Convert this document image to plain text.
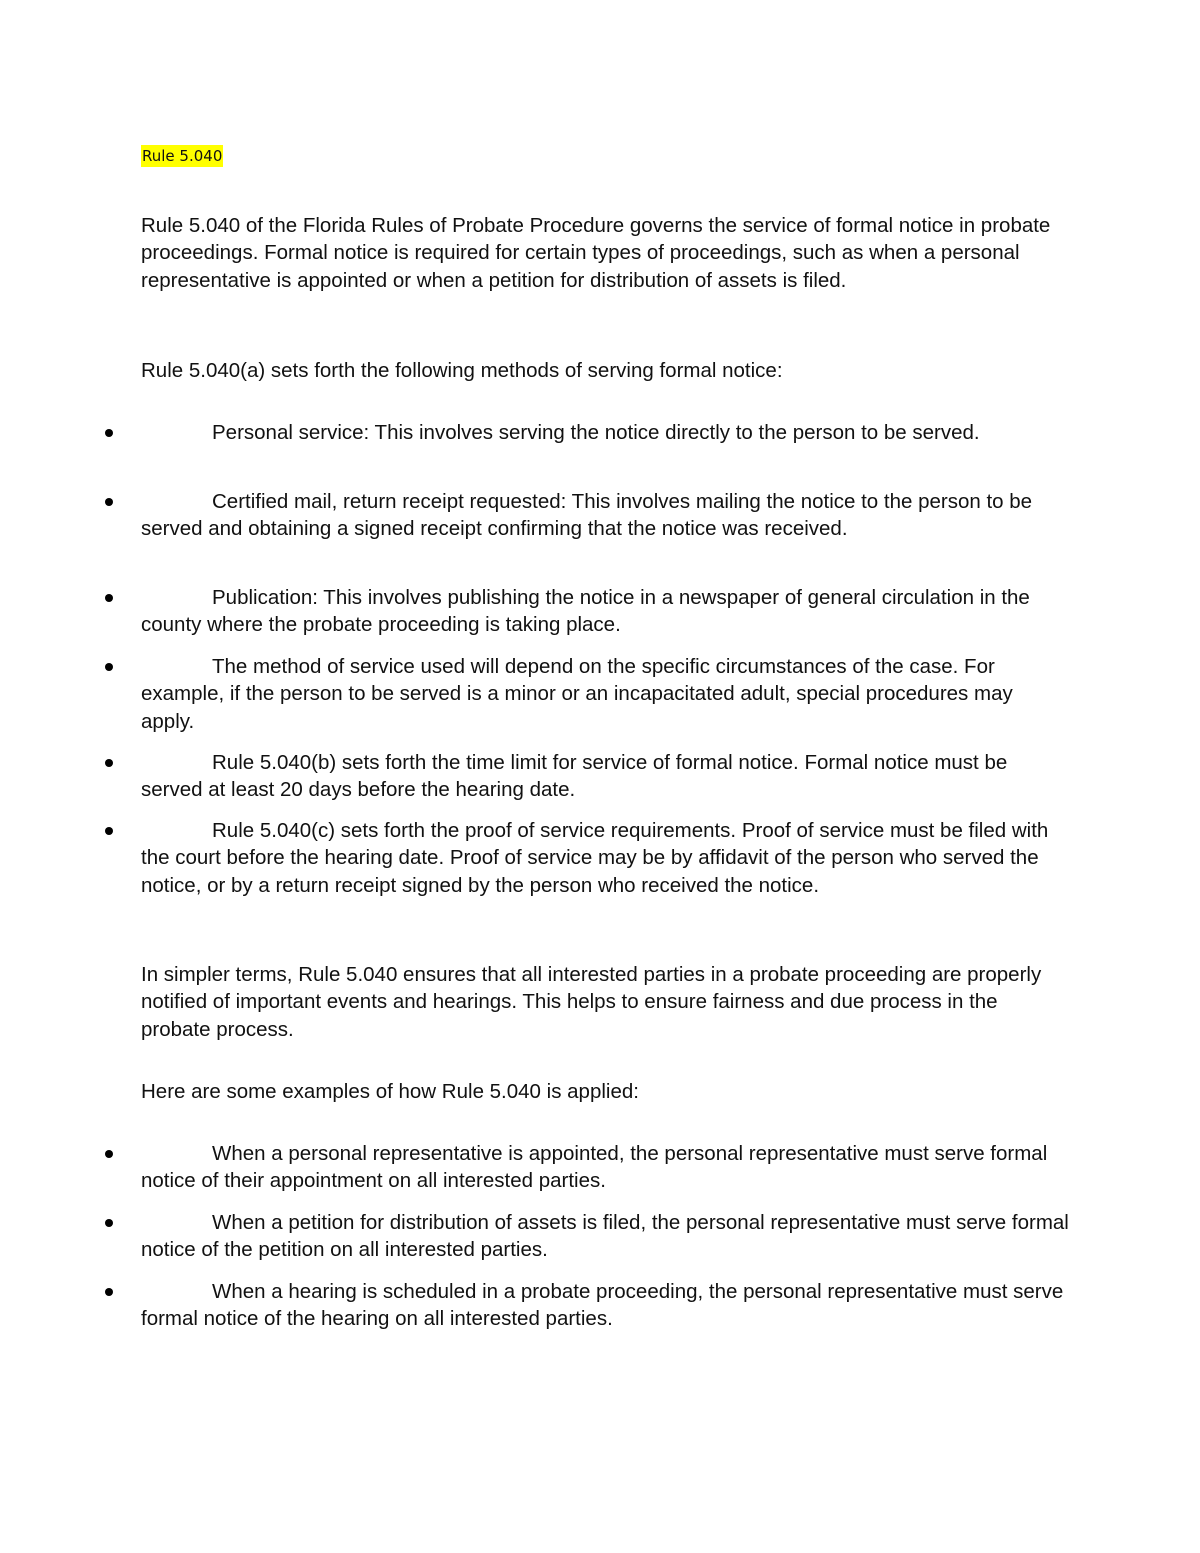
Rule 5.040

Rule 5.040 of the Florida Rules of Probate Procedure governs the service of formal notice in probate proceedings. Formal notice is required for certain types of proceedings, such as when a personal representative is appointed or when a petition for distribution of assets is filed.

Rule 5.040(a) sets forth the following methods of serving formal notice:

Personal service: This involves serving the notice directly to the person to be served.
Certified mail, return receipt requested: This involves mailing the notice to the person to be served and obtaining a signed receipt confirming that the notice was received.
Publication: This involves publishing the notice in a newspaper of general circulation in the county where the probate proceeding is taking place.
The method of service used will depend on the specific circumstances of the case. For example, if the person to be served is a minor or an incapacitated adult, special procedures may apply.
Rule 5.040(b) sets forth the time limit for service of formal notice. Formal notice must be served at least 20 days before the hearing date.
Rule 5.040(c) sets forth the proof of service requirements. Proof of service must be filed with the court before the hearing date. Proof of service may be by affidavit of the person who served the notice, or by a return receipt signed by the person who received the notice.

In simpler terms, Rule 5.040 ensures that all interested parties in a probate proceeding are properly notified of important events and hearings. This helps to ensure fairness and due process in the probate process.

Here are some examples of how Rule 5.040 is applied:

When a personal representative is appointed, the personal representative must serve formal notice of their appointment on all interested parties.
When a petition for distribution of assets is filed, the personal representative must serve formal notice of the petition on all interested parties.
When a hearing is scheduled in a probate proceeding, the personal representative must serve formal notice of the hearing on all interested parties.
